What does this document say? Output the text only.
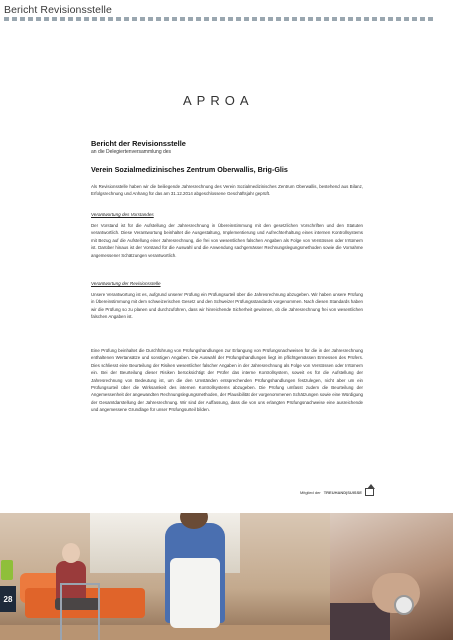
Bericht Revisionsstelle
APROA
Bericht der Revisionsstelle
an die Delegiertenversammlung des
Verein Sozialmedizinisches Zentrum Oberwallis, Brig-Glis
Als Revisionsstelle haben wir die beiliegende Jahresrechnung des Verein Sozialmedizinisches Zentrum Oberwallis, bestehend aus Bilanz, Erfolgsrechnung und Anhang für das am 31.12.2014 abgeschlossene Geschäftsjahr geprüft.
Verantwortung des Vorstandes
Der Vorstand ist für die Aufstellung der Jahresrechnung in Übereinstimmung mit den gesetzlichen Vorschriften und den Statuten verantwortlich. Diese Verantwortung beinhaltet die Ausgestaltung, Implementierung und Aufrechterhaltung eines internen Kontrollsystems mit Bezug auf die Aufstellung einer Jahresrechnung, die frei von wesentlichen falschen Angaben als Folge von Verstössen oder Irrtümern ist. Darüber hinaus ist der Vorstand für die Auswahl und die Anwendung sachgemässer Rechnungslegungsmethoden sowie die Vornahme angemessener Schätzungen verantwortlich.
Verantwortung der Revisionsstelle
Unsere Verantwortung ist es, aufgrund unserer Prüfung ein Prüfungsurteil über die Jahresrechnung abzugeben. Wir haben unsere Prüfung in Übereinstimmung mit dem schweizerischen Gesetz und den Schweizer Prüfungsstandards vorgenommen. Nach diesen Standards haben wir die Prüfung so zu planen und durchzuführen, dass wir hinreichende Sicherheit gewinnen, ob die Jahresrechnung frei von wesentlichen falschen Angaben ist.
Eine Prüfung beinhaltet die Durchführung von Prüfungshandlungen zur Erlangung von Prüfungsnachweisen für die in der Jahresrechnung enthaltenen Wertansätze und sonstigen Angaben. Die Auswahl der Prüfungshandlungen liegt im pflichtgemässen Ermessen des Prüfers. Dies schliesst eine Beurteilung der Risiken wesentlicher falscher Angaben in der Jahresrechnung als Folge von Verstössen oder Irrtümern ein. Bei der Beurteilung dieser Risiken berücksichtigt der Prüfer das interne Kontrollsystem, soweit es für die Aufstellung der Jahresrechnung von Bedeutung ist, um die den Umständen entsprechenden Prüfungshandlungen festzulegen, nicht aber um ein Prüfungsurteil über die Wirksamkeit des internen Kontrollsystems abzugeben. Die Prüfung umfasst zudem die Beurteilung der Angemessenheit der angewandten Rechnungslegungsmethoden, der Plausibilität der vorgenommenen Schätzungen sowie eine Würdigung der Gesamtdarstellung der Jahresrechnung. Wir sind der Auffassung, dass die von uns erlangten Prüfungsnachweise eine ausreichende und angemessene Grundlage für unser Prüfungsurteil bilden.
Mitglied der TREUHAND|SUISSE
28
